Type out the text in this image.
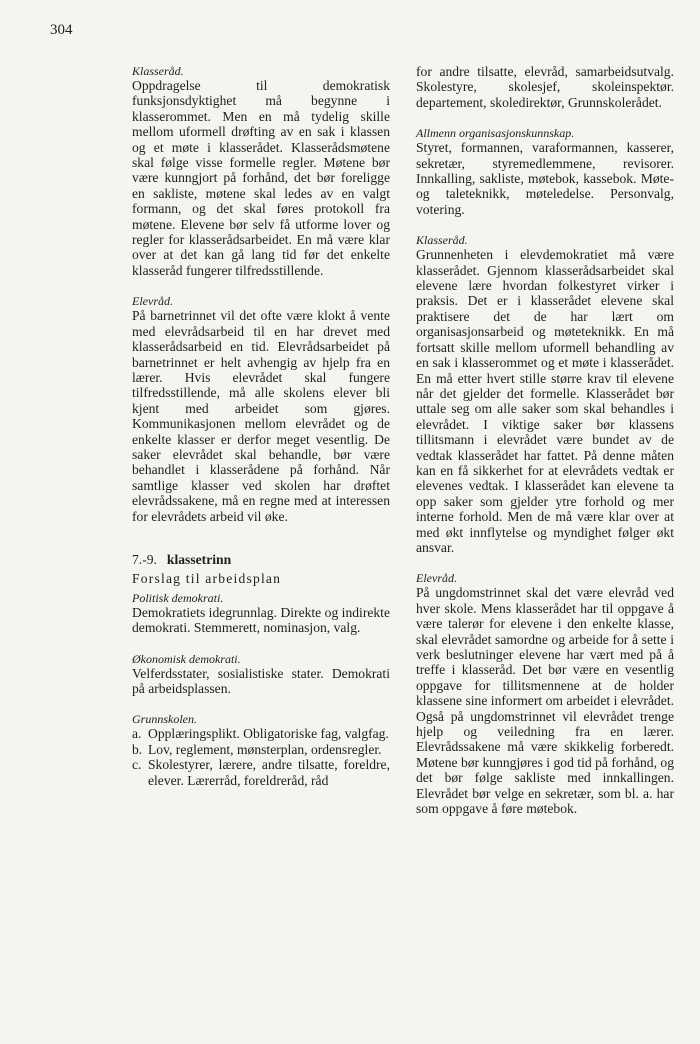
304
Klasseråd.

Oppdragelse til demokratisk funksjonsdyktighet må begynne i klasserommet. Men en må tydelig skille mellom uformell drøfting av en sak i klassen og et møte i klasserådet. Klasserådsmøtene skal følge visse formelle regler. Møtene bør være kunngjort på forhånd, det bør foreligge en sakliste, møtene skal ledes av en valgt formann, og det skal føres protokoll fra møtene. Elevene bør selv få utforme lover og regler for klasserådsarbeidet. En må være klar over at det kan gå lang tid før det enkelte klasseråd fungerer tilfredsstillende.

Elevråd.

På barnetrinnet vil det ofte være klokt å vente med elevrådsarbeid til en har drevet med klasserådsarbeid en tid. Elevrådsarbeidet på barnetrinnet er helt avhengig av hjelp fra en lærer. Hvis elevrådet skal fungere tilfredsstillende, må alle skolens elever bli kjent med arbeidet som gjøres. Kommunikasjonen mellom elevrådet og de enkelte klasser er derfor meget vesentlig. De saker elevrådet skal behandle, bør være behandlet i klasserådene på forhånd. Når samtlige klasser ved skolen har drøftet elevrådssakene, må en regne med at interessen for elevrådets arbeid vil øke.

7.-9. klassetrinn
Forslag til arbeidsplan
Politisk demokrati.

Demokratiets idegrunnlag. Direkte og indirekte demokrati. Stemmerett, nominasjon, valg.

Økonomisk demokrati.

Velferdsstater, sosialistiske stater. Demokrati på arbeidsplassen.

Grunnskolen.
a. Opplæringsplikt. Obligatoriske fag, valgfag.
b. Lov, reglement, mønsterplan, ordensregler.
c. Skolestyrer, lærere, andre tilsatte, foreldre, elever. Lærerråd, foreldreråd, råd

for andre tilsatte, elevråd, samarbeidsutvalg. Skolestyre, skolesjef, skoleinspektør. departement, skoledirektør, Grunnskolerådet.

Allmenn organisasjonskunnskap.

Styret, formannen, varaformannen, kasserer, sekretær, styremedlemmene, revisorer. Innkalling, sakliste, møtebok, kassebok. Møte- og taleteknikk, møteledelse. Personvalg, votering.

Klasseråd.

Grunnenheten i elevdemokratiet må være klasserådet. Gjennom klasserådsarbeidet skal elevene lære hvordan folkestyret virker i praksis. Det er i klasserådet elevene skal praktisere det de har lært om organisasjonsarbeid og møteteknikk. En må fortsatt skille mellom uformell behandling av en sak i klasserommet og et møte i klasserådet. En må etter hvert stille større krav til elevene når det gjelder det formelle. Klasserådet bør uttale seg om alle saker som skal behandles i elevrådet. I viktige saker bør klassens tillitsmann i elevrådet være bundet av de vedtak klasserådet har fattet. På denne måten kan en få sikkerhet for at elevrådets vedtak er elevenes vedtak. I klasserådet kan elevene ta opp saker som gjelder ytre forhold og mer interne forhold. Men de må være klar over at med økt innflytelse og myndighet følger økt ansvar.

Elevråd.

På ungdomstrinnet skal det være elevråd ved hver skole. Mens klasserådet har til oppgave å være talerør for elevene i den enkelte klasse, skal elevrådet samordne og arbeide for å sette i verk beslutninger elevene har vært med på å treffe i klasseråd. Det bør være en vesentlig oppgave for tillitsmennene at de holder klassene sine informert om arbeidet i elevrådet. Også på ungdomstrinnet vil elevrådet trenge hjelp og veiledning fra en lærer. Elevrådssakene må være skikkelig forberedt. Møtene bør kunngjøres i god tid på forhånd, og det bør følge sakliste med innkallingen. Elevrådet bør velge en sekretær, som bl. a. har som oppgave å føre møtebok.
